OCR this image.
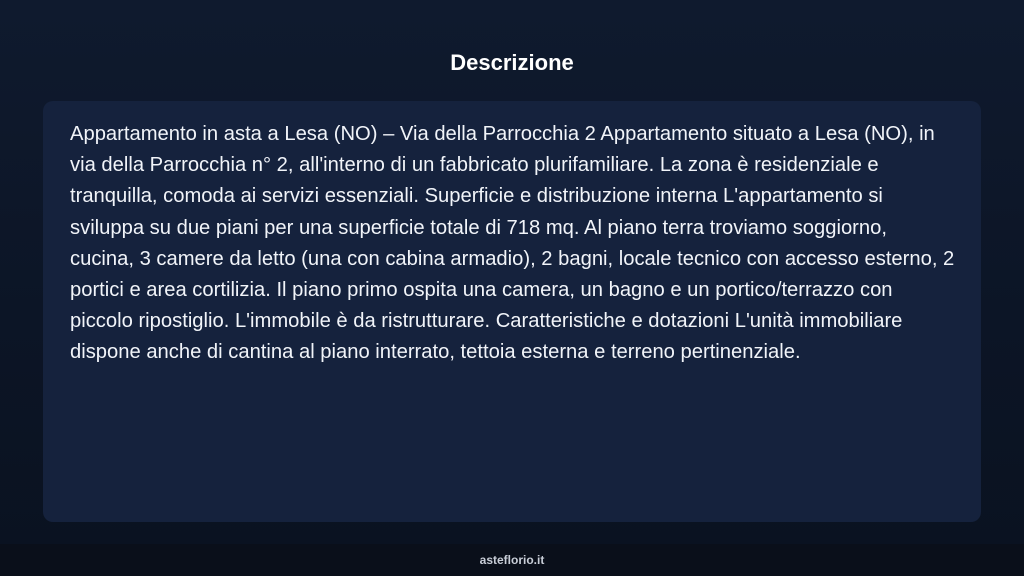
Descrizione

Appartamento in asta a Lesa (NO) – Via della Parrocchia 2 Appartamento situato a Lesa (NO), in via della Parrocchia n° 2, all'interno di un fabbricato plurifamiliare. La zona è residenziale e tranquilla, comoda ai servizi essenziali. Superficie e distribuzione interna L'appartamento si sviluppa su due piani per una superficie totale di 718 mq. Al piano terra troviamo soggiorno, cucina, 3 camere da letto (una con cabina armadio), 2 bagni, locale tecnico con accesso esterno, 2 portici e area cortilizia. Il piano primo ospita una camera, un bagno e un portico/terrazzo con piccolo ripostiglio. L'immobile è da ristrutturare. Caratteristiche e dotazioni L'unità immobiliare dispone anche di cantina al piano interrato, tettoia esterna e terreno pertinenziale.

asteflorio.it
